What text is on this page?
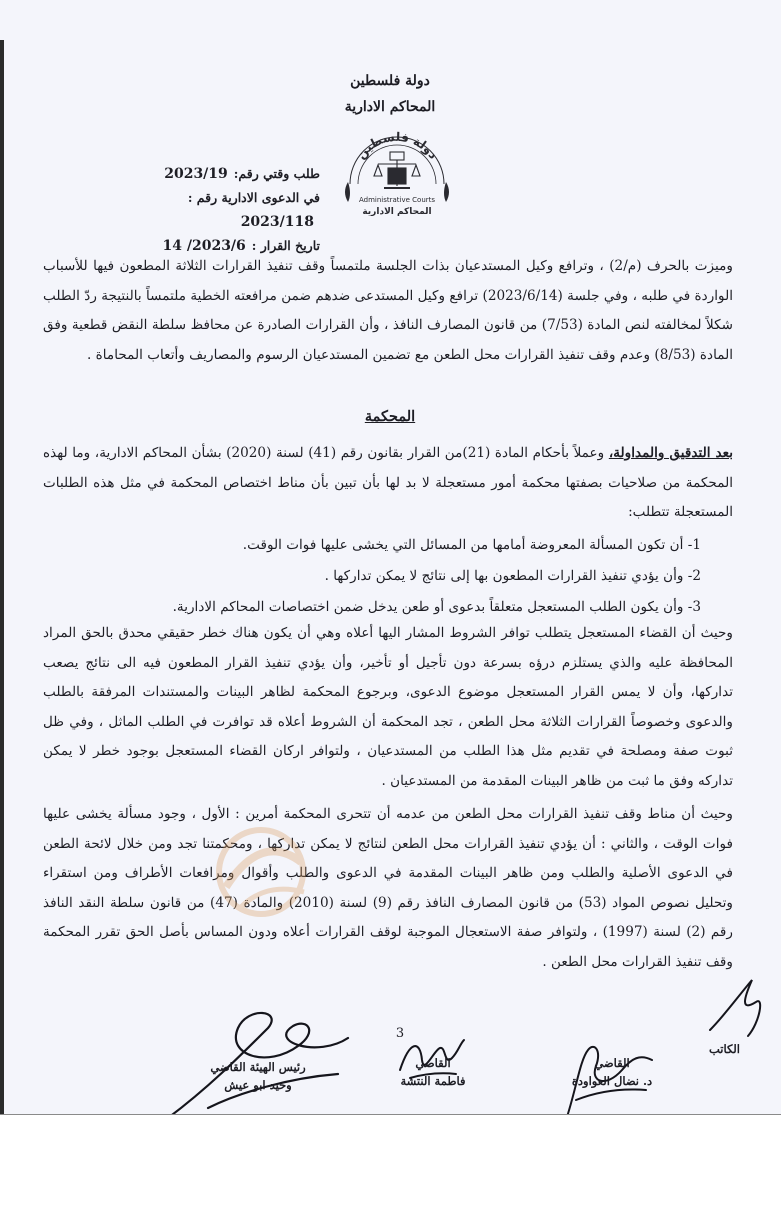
دولة فلسطين
المحاكم الادارية
دولة فلسطين
Administrative Courts
المحاكم الادارية
طلب وقتي رقم:2023/19
في الدعوى الادارية رقم :2023/118
تاريخ القرار :2023/6/ 14
وميزت بالحرف (م/2) ، وترافع وكيل المستدعيان بذات الجلسة ملتمساً وقف تنفيذ القرارات الثلاثة المطعون فيها للأسباب الواردة في طلبه ، وفي جلسة (2023/6/14) ترافع وكيل المستدعى ضدهم ضمن مرافعته الخطية ملتمساً بالنتيجة ردّ الطلب شكلاً لمخالفته لنص المادة (7/53) من قانون المصارف النافذ ، وأن القرارات الصادرة عن محافظ سلطة النقض قطعية وفق المادة (8/53) وعدم وقف تنفيذ القرارات محل الطعن مع تضمين المستدعيان الرسوم والمصاريف وأتعاب المحاماة .
المحكمة
بعد التدقيق والمداولة، وعملاً بأحكام المادة (21)من القرار بقانون رقم (41) لسنة (2020) بشأن المحاكم الادارية، وما لهذه المحكمة من صلاحيات بصفتها محكمة أمور مستعجلة لا بد لها بأن تبين بأن مناط اختصاص المحكمة في مثل هذه الطلبات المستعجلة تتطلب:
1- أن تكون المسألة المعروضة أمامها من المسائل التي يخشى عليها فوات الوقت.
2- وأن يؤدي تنفيذ القرارات المطعون بها إلى نتائج لا يمكن تداركها .
3- وأن يكون الطلب المستعجل متعلقاً بدعوى أو طعن يدخل ضمن اختصاصات المحاكم الادارية.
وحيث أن القضاء المستعجل يتطلب توافر الشروط المشار اليها أعلاه وهي أن يكون هناك خطر حقيقي محدق بالحق المراد المحافظة عليه والذي يستلزم درؤه بسرعة دون تأجيل أو تأخير، وأن يؤدي تنفيذ القرار المطعون فيه الى نتائج يصعب تداركها، وأن لا يمس القرار المستعجل موضوع الدعوى، وبرجوع المحكمة لظاهر البينات والمستندات المرفقة بالطلب والدعوى وخصوصاً القرارات الثلاثة محل الطعن ، تجد المحكمة أن الشروط أعلاه قد توافرت في الطلب الماثل ، وفي ظل ثبوت صفة ومصلحة في تقديم مثل هذا الطلب من المستدعيان ، ولتوافر اركان القضاء المستعجل بوجود خطر لا يمكن تداركه وفق ما ثبت من ظاهر البينات المقدمة من المستدعيان .
وحيث أن مناط وقف تنفيذ القرارات محل الطعن من عدمه أن تتحرى المحكمة أمرين : الأول ، وجود مسألة يخشى عليها فوات الوقت ، والثاني : أن يؤدي تنفيذ القرارات محل الطعن لنتائج لا يمكن تداركها ، ومحكمتنا تجد ومن خلال لائحة الطعن في الدعوى الأصلية والطلب ومن ظاهر البينات المقدمة في الدعوى والطلب وأقوال ومرافعات الأطراف ومن استقراء وتحليل نصوص المواد (53) من قانون المصارف النافذ رقم (9) لسنة (2010) والمادة (47) من قانون سلطة النقد النافذ رقم (2) لسنة (1997) ، ولتوافر صفة الاستعجال الموجبة لوقف القرارات أعلاه ودون المساس بأصل الحق تقرر المحكمة وقف تنفيذ القرارات محل الطعن .
3
رئيس الهيئة القاضي
وحيد ابو عيش
القاضي
فاطمة النتشة
القاضي
د. نضال العواودة
الكاتب
